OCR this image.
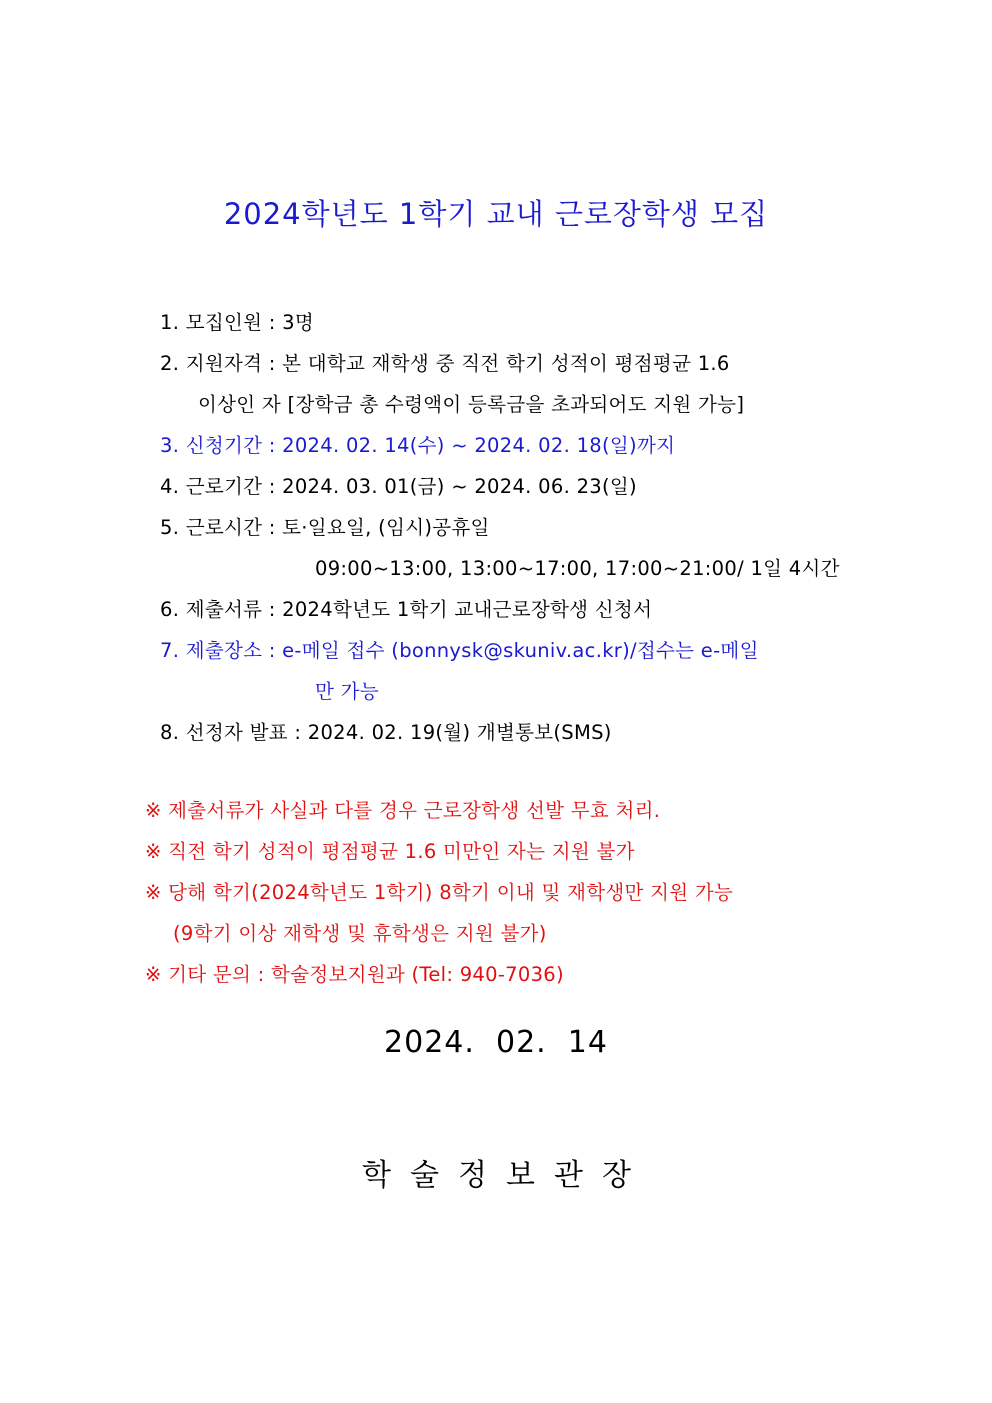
2024학년도 1학기 교내 근로장학생 모집
1. 모집인원 : 3명
2. 지원자격 : 본 대학교 재학생 중 직전 학기 성적이 평점평균 1.6
이상인 자 [장학금 총 수령액이 등록금을 초과되어도 지원 가능]
3. 신청기간 : 2024. 02. 14(수) ~ 2024. 02. 18(일)까지
4. 근로기간 : 2024. 03. 01(금) ~ 2024. 06. 23(일)
5. 근로시간 : 토·일요일, (임시)공휴일
09:00~13:00, 13:00~17:00, 17:00~21:00/ 1일 4시간
6. 제출서류 : 2024학년도 1학기 교내근로장학생 신청서
7. 제출장소 : e-메일 접수 (bonnysk@skuniv.ac.kr)/접수는 e-메일
만 가능
8. 선정자 발표 : 2024. 02. 19(월) 개별통보(SMS)
※ 제출서류가 사실과 다를 경우 근로장학생 선발 무효 처리.
※ 직전 학기 성적이 평점평균 1.6 미만인 자는 지원 불가
※ 당해 학기(2024학년도 1학기) 8학기 이내 및 재학생만 지원 가능
(9학기 이상 재학생 및 휴학생은 지원 불가)
※ 기타 문의 : 학술정보지원과 (Tel: 940-7036)
2024.  02.  14
학술정보관장
